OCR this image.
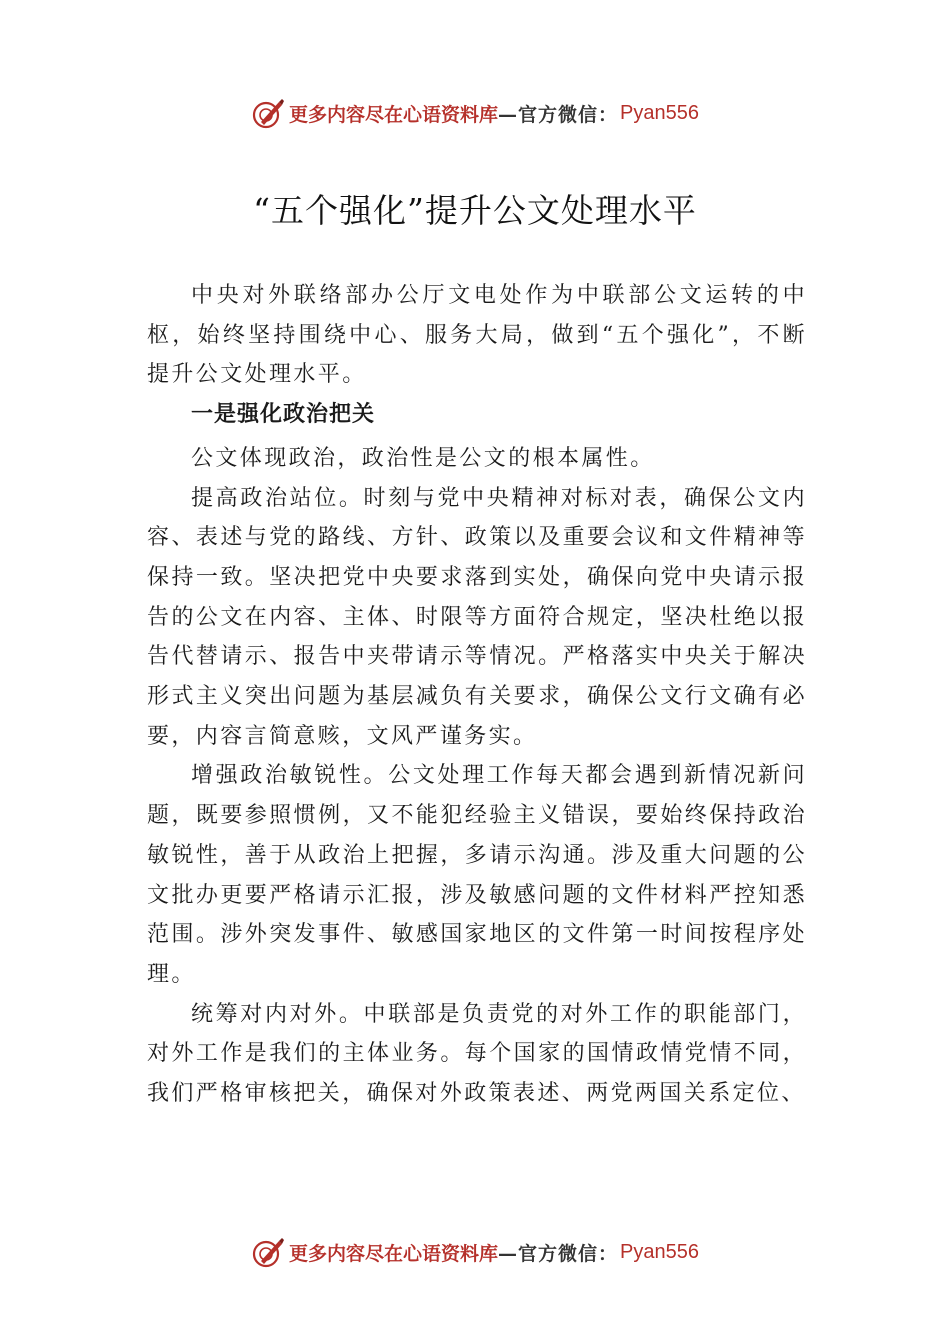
更多内容尽在心语资料库 —官方微信： Pyan556
“五个强化”提升公文处理水平

中央对外联络部办公厅文电处作为中联部公文运转的中枢，始终坚持围绕中心、服务大局，做到“五个强化”，不断提升公文处理水平。

一是强化政治把关

公文体现政治，政治性是公文的根本属性。

提高政治站位。时刻与党中央精神对标对表，确保公文内容、表述与党的路线、方针、政策以及重要会议和文件精神等保持一致。坚决把党中央要求落到实处，确保向党中央请示报告的公文在内容、主体、时限等方面符合规定，坚决杜绝以报告代替请示、报告中夹带请示等情况。严格落实中央关于解决形式主义突出问题为基层减负有关要求，确保公文行文确有必要，内容言简意赅，文风严谨务实。

增强政治敏锐性。公文处理工作每天都会遇到新情况新问题，既要参照惯例，又不能犯经验主义错误，要始终保持政治敏锐性，善于从政治上把握，多请示沟通。涉及重大问题的公文批办更要严格请示汇报，涉及敏感问题的文件材料严控知悉范围。涉外突发事件、敏感国家地区的文件第一时间按程序处理。

统筹对内对外。中联部是负责党的对外工作的职能部门，对外工作是我们的主体业务。每个国家的国情政情党情不同，我们严格审核把关，确保对外政策表述、两党两国关系定位、

更多内容尽在心语资料库 —官方微信： Pyan556
